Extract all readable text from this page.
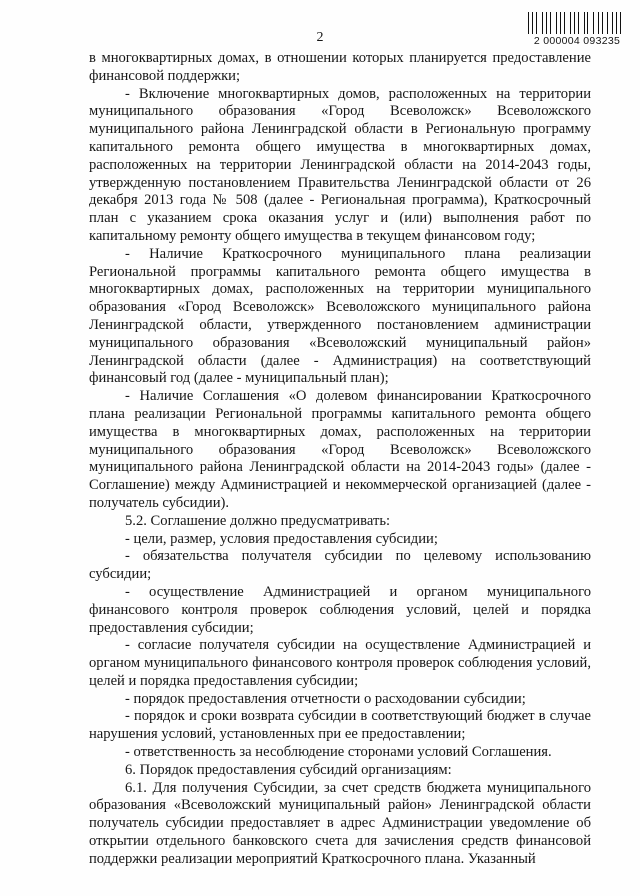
2	2 000004 093235

в многоквартирных домах, в отношении которых планируется предоставление финансовой поддержки;

- Включение многоквартирных домов, расположенных на территории муниципального образования «Город Всеволожск» Всеволожского муниципального района Ленинградской области в Региональную программу капитального ремонта общего имущества в многоквартирных домах, расположенных на территории Ленинградской области на 2014-2043 годы, утвержденную постановлением Правительства Ленинградской области от 26 декабря 2013 года № 508 (далее - Региональная программа), Краткосрочный план с указанием срока оказания услуг и (или) выполнения работ по капитальному ремонту общего имущества в текущем финансовом году;

- Наличие Краткосрочного муниципального плана реализации Региональной программы капитального ремонта общего имущества в многоквартирных домах, расположенных на территории муниципального образования «Город Всеволожск» Всеволожского муниципального района Ленинградской области, утвержденного постановлением администрации муниципального образования «Всеволожский муниципальный район» Ленинградской области (далее - Администрация) на соответствующий финансовый год (далее - муниципальный план);

- Наличие Соглашения «О долевом финансировании Краткосрочного плана реализации Региональной программы капитального ремонта общего имущества в многоквартирных домах, расположенных на территории муниципального образования «Город Всеволожск» Всеволожского муниципального района Ленинградской области на 2014-2043 годы» (далее - Соглашение) между Администрацией и некоммерческой организацией (далее - получатель субсидии).

5.2. Соглашение должно предусматривать:

- цели, размер, условия предоставления субсидии;

- обязательства получателя субсидии по целевому использованию субсидии;

- осуществление Администрацией и органом муниципального финансового контроля проверок соблюдения условий, целей и порядка предоставления субсидии;

- согласие получателя субсидии на осуществление Администрацией и органом муниципального финансового контроля проверок соблюдения условий, целей и порядка предоставления субсидии;

- порядок предоставления отчетности о расходовании субсидии;

- порядок и сроки возврата субсидии в соответствующий бюджет в случае нарушения условий, установленных при ее предоставлении;

- ответственность за несоблюдение сторонами условий Соглашения.

6. Порядок предоставления субсидий организациям:

6.1. Для получения Субсидии, за счет средств бюджета муниципального образования «Всеволожский муниципальный район» Ленинградской области получатель субсидии предоставляет в адрес Администрации уведомление об открытии отдельного банковского счета для зачисления средств финансовой поддержки реализации мероприятий Краткосрочного плана. Указанный
